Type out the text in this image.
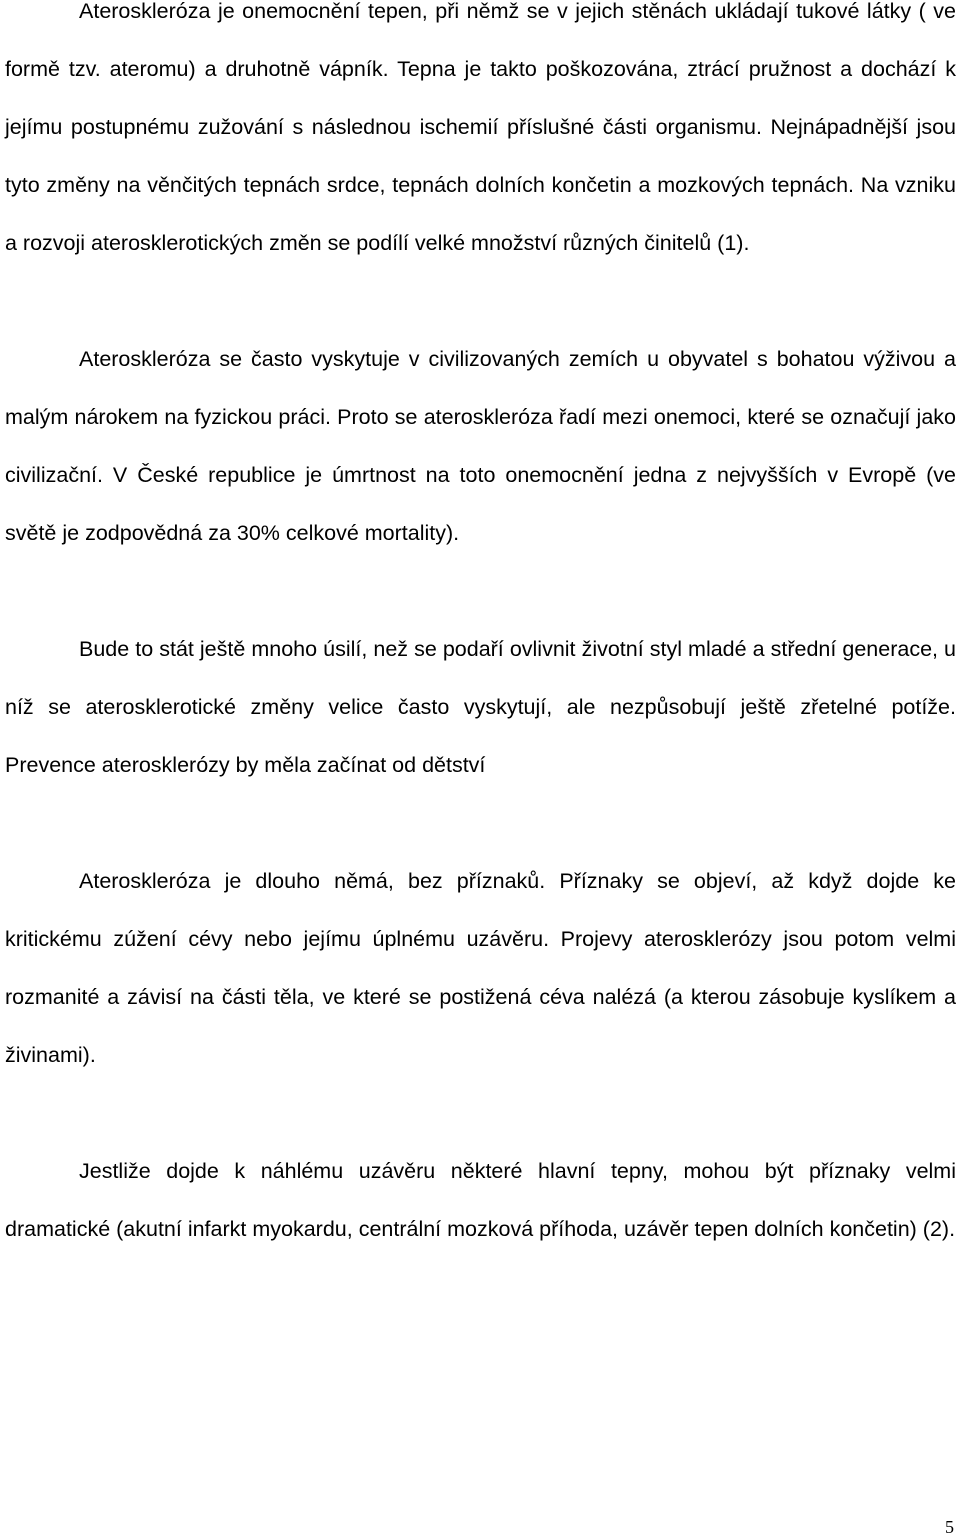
Ateroskleróza je onemocnění tepen, při němž se v jejich stěnách ukládají tukové látky ( ve formě tzv. ateromu) a druhotně vápník. Tepna je takto poškozována, ztrácí pružnost a dochází k jejímu postupnému zužování s následnou ischemií příslušné části organismu. Nejnápadnější jsou tyto změny na věnčitých tepnách srdce, tepnách dolních končetin a mozkových tepnách. Na vzniku a rozvoji aterosklerotických změn se podílí velké množství různých činitelů (1).

Ateroskleróza se často vyskytuje v civilizovaných zemích u obyvatel s bohatou výživou a malým nárokem na fyzickou práci. Proto se ateroskleróza řadí mezi onemoci, které se označují jako civilizační. V České republice je úmrtnost na toto onemocnění jedna z nejvyšších v Evropě (ve světě je zodpovědná za 30% celkové mortality).

Bude to stát ještě mnoho úsilí, než se podaří ovlivnit životní styl mladé a střední generace, u níž se aterosklerotické změny velice často vyskytují, ale nezpůsobují ještě zřetelné potíže. Prevence aterosklerózy by měla začínat od dětství

Ateroskleróza je dlouho němá, bez příznaků. Příznaky se objeví, až když dojde ke kritickému zúžení cévy nebo jejímu úplnému uzávěru. Projevy aterosklerózy jsou potom velmi rozmanité a závisí na části těla, ve které se postižená céva nalézá (a kterou zásobuje kyslíkem a živinami).

Jestliže dojde k náhlému uzávěru některé hlavní tepny, mohou být příznaky velmi dramatické (akutní infarkt myokardu, centrální mozková příhoda, uzávěr tepen dolních končetin) (2).

5
